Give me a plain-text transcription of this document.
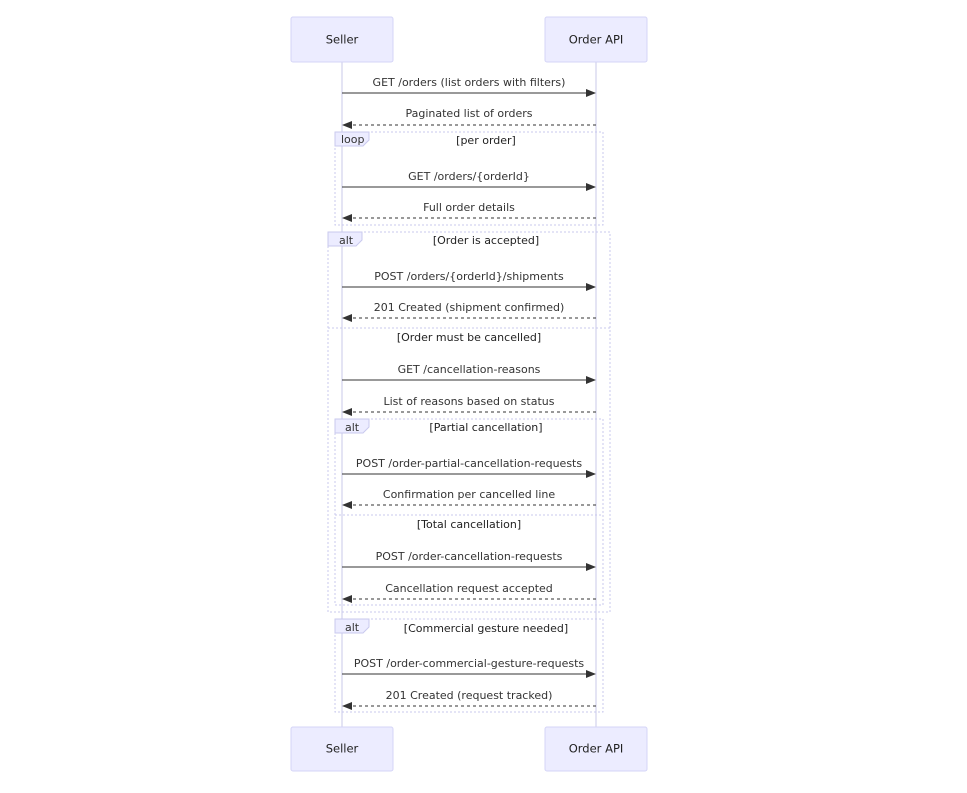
Seller	Order API
GET /orders (list orders with filters)
Paginated list of orders
loop	[per order]
GET /orders/{orderId}
Full order details
alt	[Order is accepted]
[Order must be cancelled]
POST /orders/{orderId}/shipments
201 Created (shipment confirmed)
GET /cancellation-reasons
List of reasons based on status
alt	[Partial cancellation]
[Total cancellation]
POST /order-partial-cancellation-requests
Confirmation per cancelled line
POST /order-cancellation-requests
Cancellation request accepted
alt	[Commercial gesture needed]
POST /order-commercial-gesture-requests
201 Created (request tracked)
Seller	Order API
